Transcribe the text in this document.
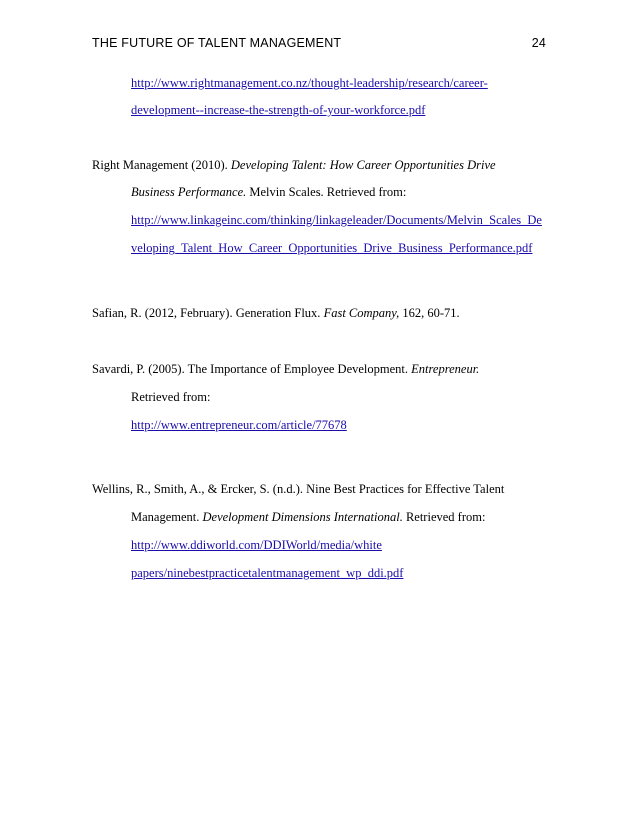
THE FUTURE OF TALENT MANAGEMENT	24
http://www.rightmanagement.co.nz/thought-leadership/research/career-
development--increase-the-strength-of-your-workforce.pdf
Right Management (2010). Developing Talent: How Career Opportunities Drive
Business Performance. Melvin Scales. Retrieved from:
http://www.linkageinc.com/thinking/linkageleader/Documents/Melvin_Scales_De
veloping_Talent_How_Career_Opportunities_Drive_Business_Performance.pdf
Safian, R. (2012, February). Generation Flux. Fast Company, 162, 60-71.
Savardi, P. (2005). The Importance of Employee Development. Entrepreneur.
Retrieved from:
http://www.entrepreneur.com/article/77678
Wellins, R., Smith, A., & Ercker, S. (n.d.). Nine Best Practices for Effective Talent
Management. Development Dimensions International. Retrieved from:
http://www.ddiworld.com/DDIWorld/media/white
papers/ninebestpracticetalentmanagement_wp_ddi.pdf
